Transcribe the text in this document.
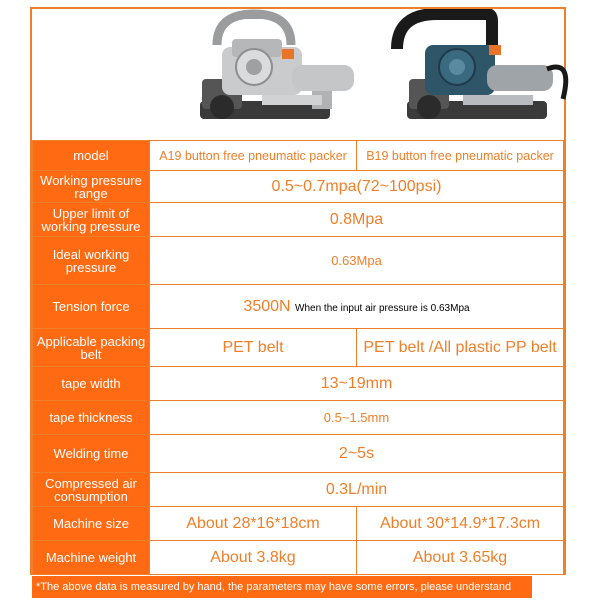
model	A19 button free pneumatic packer	B19 button free pneumatic packer
Working pressure range	0.5~0.7mpa(72~100psi)	
Upper limit of working pressure	0.8Mpa	
Ideal working pressure	0.63Mpa	
Tension force	3500N When the input air pressure is 0.63Mpa	
Applicable packing belt	PET belt	PET belt /All plastic PP belt
tape width	13~19mm	
tape thickness	0.5~1.5mm	
Welding time	2~5s	
Compressed air consumption	0.3L/min	
Machine size	About 28*16*18cm	About 30*14.9*17.3cm
Machine weight	About 3.8kg	About 3.65kg
*The above data is measured by hand, the parameters may have some errors, please understand
